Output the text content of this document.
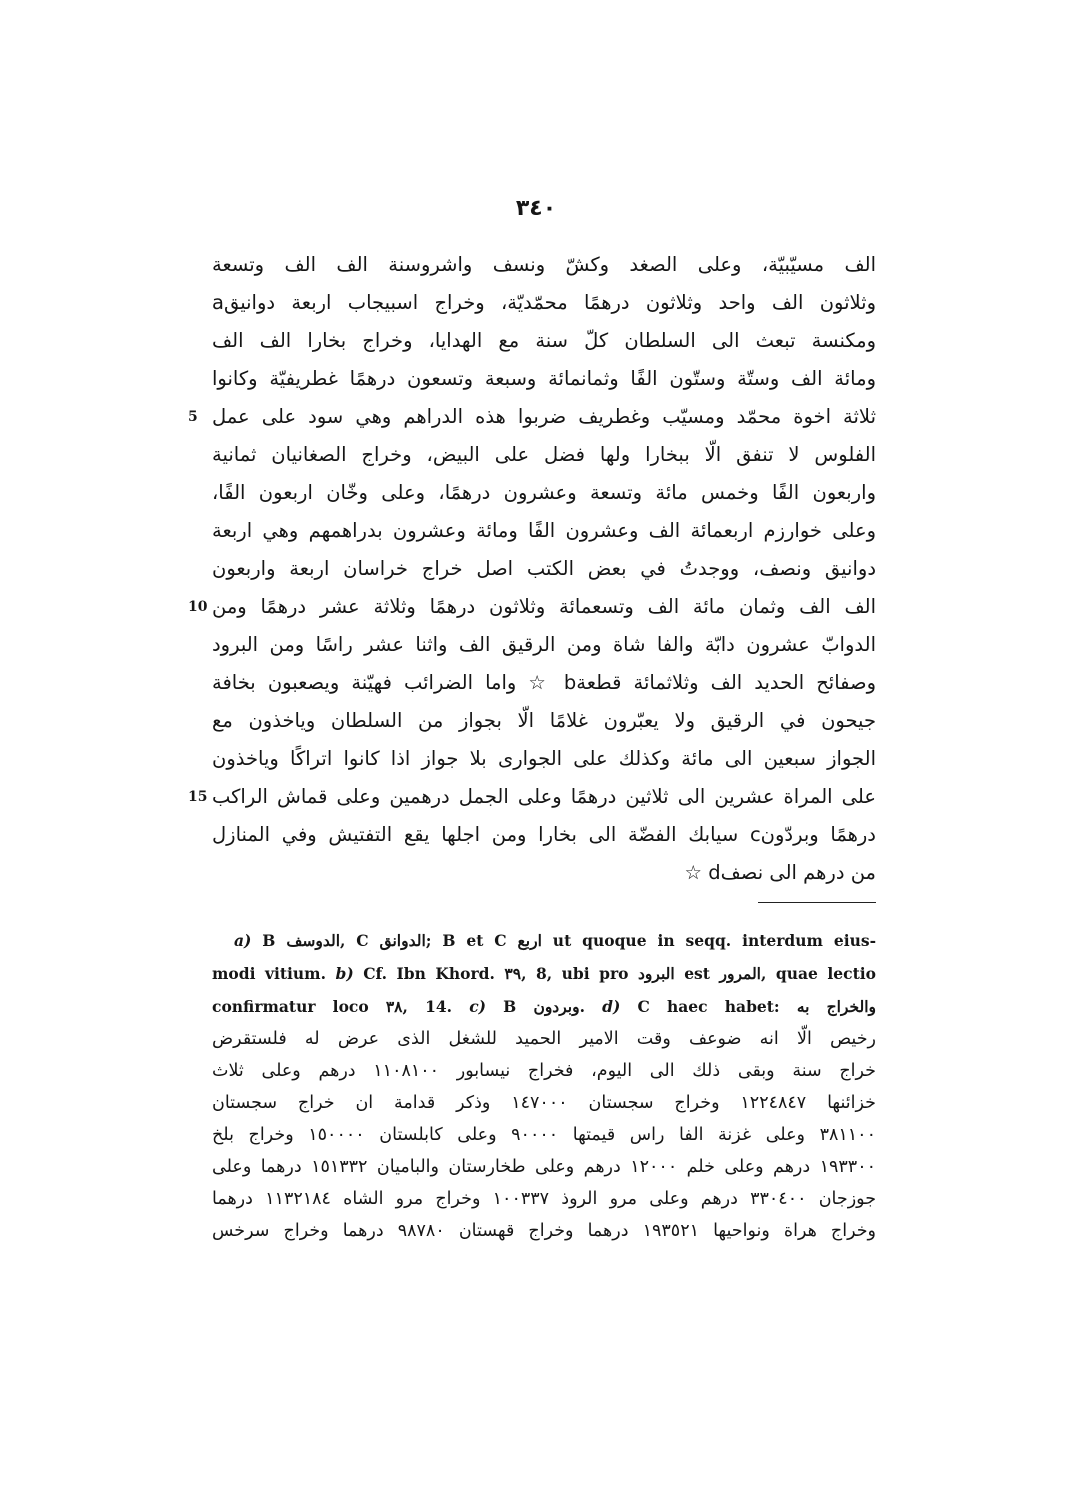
٣٤٠
الف مسيّبيّة، وعلى الصغد وكشّ ونسف واشروسنة الف الف وتسعة
وثلاثون الف واحد وثلاثون درهمًا محمّديّة، وخراج اسبيجاب اربعة دوانيقa
ومكنسة تبعث الى السلطان كلّ سنة مع الهدايا، وخراج بخارا الف الف
ومائة الف وستّة وستّون الفًا وثمانمائة وسبعة وتسعون درهمًا غطريفيّة وكانوا
5 ثلاثة اخوة محمّد ومسيّب وغطريف ضربوا هذه الدراهم وهي سود على عمل
الفلوس لا تنفق الّا ببخارا ولها فضل على البيض، وخراج الصغانيان ثمانية
واربعون الفًا وخمس مائة وتسعة وعشرون درهمًا، وعلى وخّان اربعون الفًا،
وعلى خوارزم اربعمائة الف وعشرون الفًا ومائة وعشرون بدراهمهم وهي اربعة
دوانيق ونصف، ووجدتُ في بعض الكتب اصل خراج خراسان اربعة واربعون
10 الف الف وثمان مائة الف وتسعمائة وثلاثون درهمًا وثلاثة عشر درهمًا ومن
الدوابّ عشرون دابّة والفا شاة ومن الرقيق الف واثنا عشر راسًا ومن البرود
وصفائح الحديد الف وثلاثمائة قطعةb ☆ واما الضرائب فهيّنة ويصعبون بخافة
جيحون في الرقيق ولا يعبّرون غلامًا الّا بجواز من السلطان وياخذون مع
الجواز سبعين الى مائة وكذلك على الجوارى بلا جواز اذا كانوا اتراكًا وياخذون
15 على المراة عشرين الى ثلاثين درهمًا وعلى الجمل درهمين وعلى قماش الراكب
درهمًا وبردّونc سيابك الفضّة الى بخارا ومن اجلها يقع التفتيش وفي المنازل
من درهم الى نصفd ☆
a) B الدوسف, C الدوانق; B et C اربع ut quoque in seqq. interdum eius-
modi vitium. b) Cf. Ibn Khord. ٣٩, 8, ubi pro البرود est المرور, quae lectio
confirmatur loco ٣٨, 14. c) B وبردون. d) C haec habet: والخراج به
رخيص الّا انه ضوعف وقت الامير الحميد للشغل الذى عرض له فلستقرض
خراج سنة وبقى ذلك الى اليوم، فخراج نيسابور ١١٠٨١٠٠ درهم وعلى ثلاث
خزائنها ١٢٢٤٨٤٧ وخراج سجستان ١٤٧٠٠٠ وذكر قدامة ان خراج سجستان
٣٨١١٠٠ وعلى غزنة الفا راس قيمتها ٩٠٠٠٠ وعلى كابلستان ١٥٠٠٠٠ وخراج بلخ
١٩٣٣٠٠ درهم وعلى خلم ١٢٠٠٠ درهم وعلى طخارستان والباميان ١٥١٣٣٢ درهما وعلى
جوزجان ٣٣٠٤٠٠ درهم وعلى مرو الروذ ١٠٠٣٣٧ وخراج مرو الشاه ١١٣٢١٨٤ درهما
وخراج هراة ونواحيها ١٩٣٥٢١ درهما وخراج قهستان ٩٨٧٨٠ درهما وخراج سرخس
